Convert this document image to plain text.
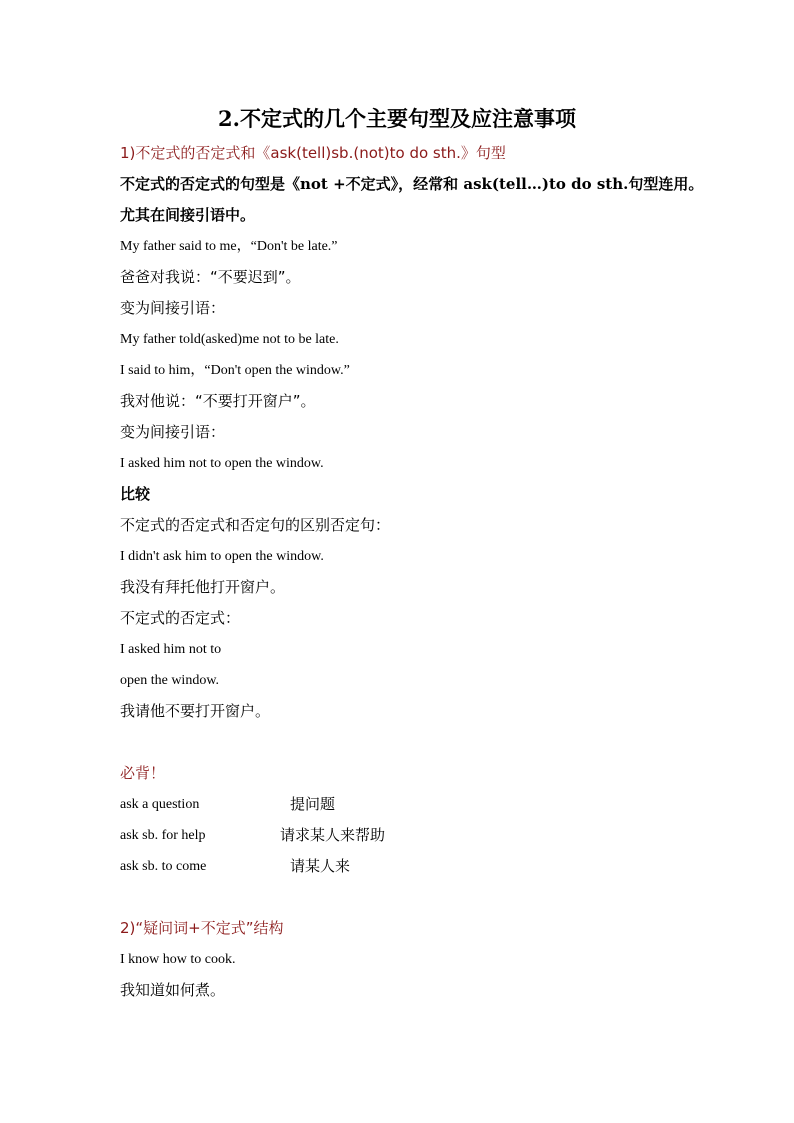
2.不定式的几个主要句型及应注意事项
1)不定式的否定式和《ask(tell)sb.(not)to do sth.》句型
不定式的否定式的句型是《not +不定式》，经常和 ask(tell…)to do sth.句型连用。
尤其在间接引语中。
My father said to me，“Don't be late.”
爸爸对我说：“不要迟到”。
变为间接引语：
My father told(asked)me not to be late.
I said to him，“Don't open the window.”
我对他说：“不要打开窗户”。
变为间接引语：
I asked him not to open the window.
比较
不定式的否定式和否定句的区别否定句：
I didn't ask him to open the window.
我没有拜托他打开窗户。
不定式的否定式：
I asked him not to
open the window.
我请他不要打开窗户。
必背！
ask a question	提问题
ask sb. for help	请求某人来帮助
ask sb. to come	请某人来
2)“疑问词+不定式”结构
I know how to cook.
我知道如何煮。
